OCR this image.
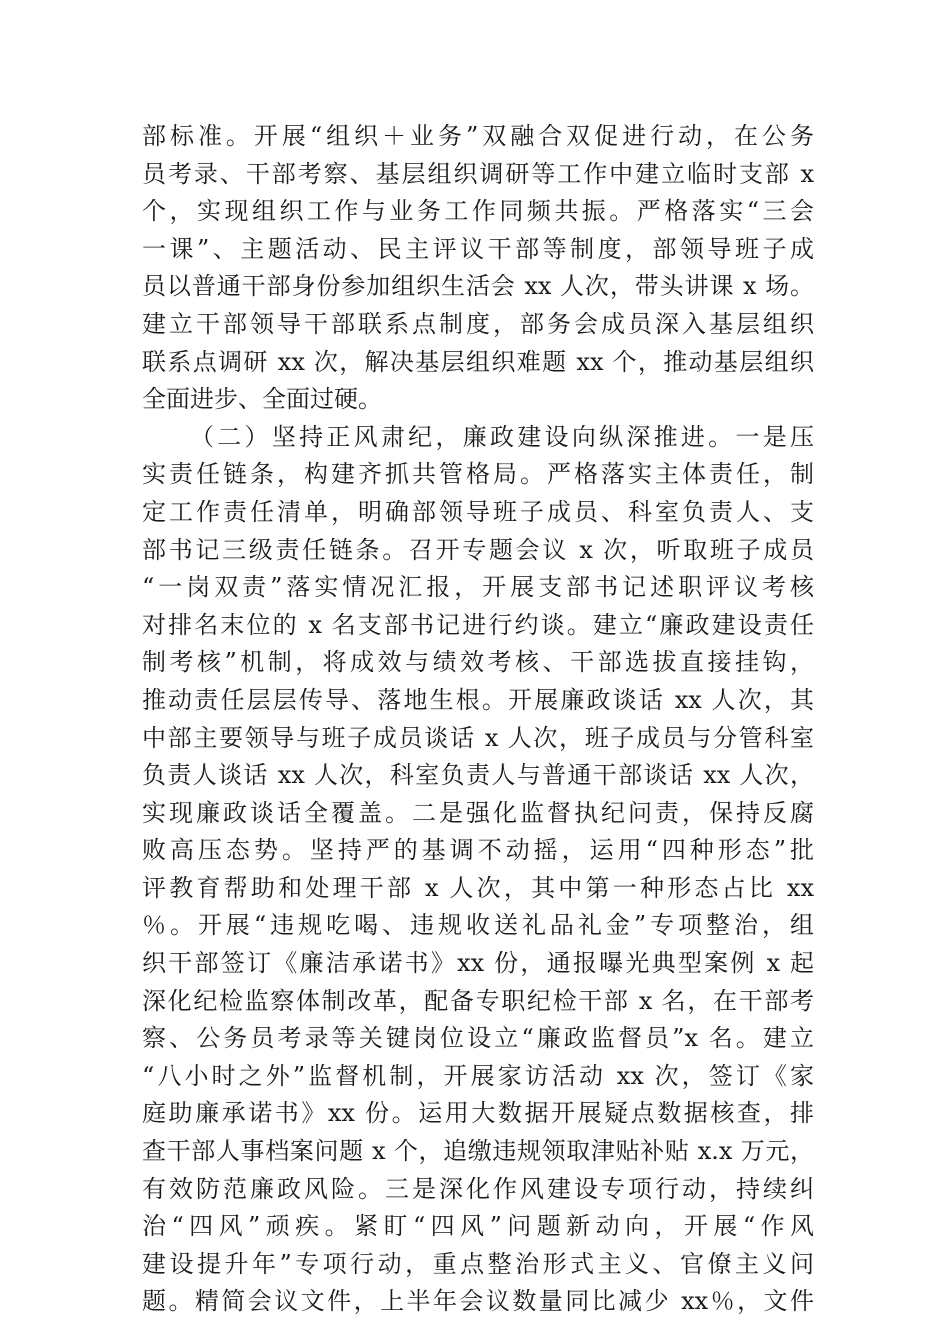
部标准。开展“组织＋业务”双融合双促进行动，在公务
员考录、干部考察、基层组织调研等工作中建立临时支部 x
个，实现组织工作与业务工作同频共振。严格落实“三会
一课”、主题活动、民主评议干部等制度，部领导班子成
员以普通干部身份参加组织生活会 xx 人次，带头讲课 x 场。
建立干部领导干部联系点制度，部务会成员深入基层组织
联系点调研 xx 次，解决基层组织难题 xx 个，推动基层组织
全面进步、全面过硬。
（二）坚持正风肃纪，廉政建设向纵深推进。一是压
实责任链条，构建齐抓共管格局。严格落实主体责任，制
定工作责任清单，明确部领导班子成员、科室负责人、支
部书记三级责任链条。召开专题会议 x 次，听取班子成员
“一岗双责”落实情况汇报，开展支部书记述职评议考核
对排名末位的 x 名支部书记进行约谈。建立“廉政建设责任
制考核”机制，将成效与绩效考核、干部选拔直接挂钩，
推动责任层层传导、落地生根。开展廉政谈话 xx 人次，其
中部主要领导与班子成员谈话 x 人次，班子成员与分管科室
负责人谈话 xx 人次，科室负责人与普通干部谈话 xx 人次，
实现廉政谈话全覆盖。二是强化监督执纪问责，保持反腐
败高压态势。坚持严的基调不动摇，运用“四种形态”批
评教育帮助和处理干部 x 人次，其中第一种形态占比 xx
％。开展“违规吃喝、违规收送礼品礼金”专项整治，组
织干部签订《廉洁承诺书》xx 份，通报曝光典型案例 x 起
深化纪检监察体制改革，配备专职纪检干部 x 名，在干部考
察、公务员考录等关键岗位设立“廉政监督员”x 名。建立
“八小时之外”监督机制，开展家访活动 xx 次，签订《家
庭助廉承诺书》xx 份。运用大数据开展疑点数据核查，排
查干部人事档案问题 x 个，追缴违规领取津贴补贴 x.x 万元，
有效防范廉政风险。三是深化作风建设专项行动，持续纠
治“四风”顽疾。紧盯“四风”问题新动向，开展“作风
建设提升年”专项行动，重点整治形式主义、官僚主义问
题。精简会议文件，上半年会议数量同比减少 xx％，文件
